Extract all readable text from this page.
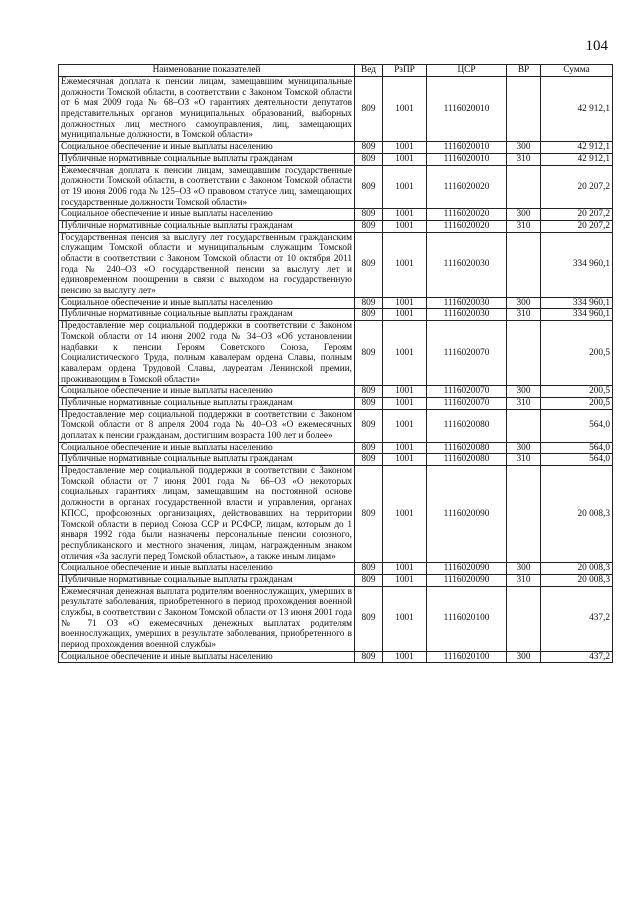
104
Наименование показателей	Вед	РзПР	ЦСР	ВР	Сумма
Ежемесячная доплата к пенсии лицам, замещавшим муниципальные должности Томской области, в соответствии с Законом Томской области от 6 мая 2009 года № 68–ОЗ «О гарантиях деятельности депутатов представительных органов муниципальных образований, выборных должностных лиц местного самоуправления, лиц, замещающих муниципальные должности, в Томской области»	809	1001	1116020010		42 912,1
Социальное обеспечение и иные выплаты населению	809	1001	1116020010	300	42 912,1
Публичные нормативные социальные выплаты гражданам	809	1001	1116020010	310	42 912,1
Ежемесячная доплата к пенсии лицам, замещавшим государственные должности Томской области, в соответствии с Законом Томской области от 19 июня 2006 года № 125–ОЗ «О правовом статусе лиц, замещающих государственные должности Томской области»	809	1001	1116020020		20 207,2
Социальное обеспечение и иные выплаты населению	809	1001	1116020020	300	20 207,2
Публичные нормативные социальные выплаты гражданам	809	1001	1116020020	310	20 207,2
Государственная пенсия за выслугу лет государственным гражданским служащим Томской области и муниципальным служащим Томской области в соответствии с Законом Томской области от 10 октября 2011 года № 240–ОЗ «О государственной пенсии за выслугу лет и единовременном поощрении в связи с выходом на государственную пенсию за выслугу лет»	809	1001	1116020030		334 960,1
Социальное обеспечение и иные выплаты населению	809	1001	1116020030	300	334 960,1
Публичные нормативные социальные выплаты гражданам	809	1001	1116020030	310	334 960,1
Предоставление мер социальной поддержки в соответствии с Законом Томской области от 14 июня 2002 года № 34–ОЗ «Об установлении надбавки к пенсии Героям Советского Союза, Героям Социалистического Труда, полным кавалерам ордена Славы, полным кавалерам ордена Трудовой Славы, лауреатам Ленинской премии, проживающим в Томской области»	809	1001	1116020070		200,5
Социальное обеспечение и иные выплаты населению	809	1001	1116020070	300	200,5
Публичные нормативные социальные выплаты гражданам	809	1001	1116020070	310	200,5
Предоставление мер социальной поддержки в соответствии с Законом Томской области от 8 апреля 2004 года № 40–ОЗ «О ежемесячных доплатах к пенсии гражданам, достигшим возраста 100 лет и более»	809	1001	1116020080		564,0
Социальное обеспечение и иные выплаты населению	809	1001	1116020080	300	564,0
Публичные нормативные социальные выплаты гражданам	809	1001	1116020080	310	564,0
Предоставление мер социальной поддержки в соответствии с Законом Томской области от 7 июня 2001 года № 66–ОЗ «О некоторых социальных гарантиях лицам, замещавшим на постоянной основе должности в органах государственной власти и управления, органах КПСС, профсоюзных организациях, действовавших на территории Томской области в период Союза ССР и РСФСР, лицам, которым до 1 января 1992 года были назначены персональные пенсии союзного, республиканского и местного значения, лицам, награжденным знаком отличия «За заслуги перед Томской областью», а также иным лицам»	809	1001	1116020090		20 008,3
Социальное обеспечение и иные выплаты населению	809	1001	1116020090	300	20 008,3
Публичные нормативные социальные выплаты гражданам	809	1001	1116020090	310	20 008,3
Ежемесячная денежная выплата родителям военнослужащих, умерших в результате заболевания, приобретенного в период прохождения военной службы, в соответствии с Законом Томской области от 13 июня 2001 года № 71 ОЗ «О ежемесячных денежных выплатах родителям военнослужащих, умерших в результате заболевания, приобретенного в период прохождения военной службы»	809	1001	1116020100		437,2
Социальное обеспечение и иные выплаты населению	809	1001	1116020100	300	437,2
